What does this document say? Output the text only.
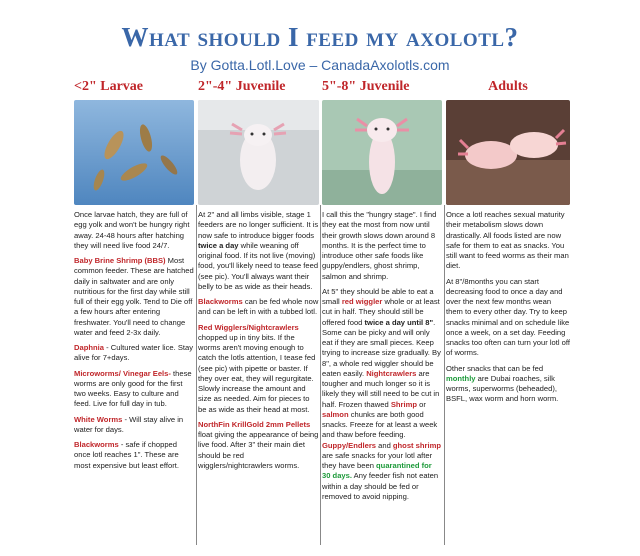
What should I feed my axolotl?
By Gotta.Lotl.Love – CanadaAxolotls.com
<2" Larvae

Once larvae hatch, they are full of egg yolk and won't be hungry right away. 24-48 hours after hatching they will need live food 24/7.

Baby Brine Shrimp (BBS) Most common feeder. These are hatched daily in saltwater and are only nutritious for the first day while still full of their egg yolk. Tend to Die off a few hours after entering freshwater. You'll need to change water and feed 2-3x daily.

Daphnia - Cultured water lice. Stay alive for 7+days.

Microworms/ Vinegar Eels- these worms are only good for the first two weeks. Easy to culture and feed. Live for full day in tub.

White Worms - Will stay alive in water for days.

Blackworms - safe if chopped once lotl reaches 1". These are most expensive but least effort.

2"-4" Juvenile

At 2" and all limbs visible, stage 1 feeders are no longer sufficient. It is now safe to introduce bigger foods twice a day while weaning off original food. If its not live (moving) food, you'll likely need to tease feed (see pic). You'll always want their belly to be as wide as their heads.

Blackworms can be fed whole now and can be left in with a tubbed lotl.

Red Wigglers/Nightcrawlers chopped up in tiny bits. If the worms aren't moving enough to catch the lotls attention, I tease fed (see pic) with pipette or baster. If they over eat, they will regurgitate. Slowly increase the amount and size as needed. Aim for pieces to be as wide as their head at most.

NorthFin KrillGold 2mm Pellets float giving the appearance of being live food. After 3" their main diet should be red wigglers/nightcrawlers worms.

5"-8" Juvenile

I call this the "hungry stage". I find they eat the most from now until their growth slows down around 8 months. It is the perfect time to introduce other safe foods like guppy/endlers, ghost shrimp, salmon and shrimp.

At 5" they should be able to eat a small red wiggler whole or at least cut in half. They should still be offered food twice a day until 8". Some can be picky and will only eat if they are small pieces. Keep trying to increase size gradually. By 8", a whole red wiggler should be eaten easily. Nightcrawlers are tougher and much longer so it is likely they will still need to be cut in half. Frozen thawed Shrimp or salmon chunks are both good snacks. Freeze for at least a week and thaw before feeding. Guppy/Endlers and ghost shrimp are safe snacks for your lotl after they have been quarantined for 30 days. Any feeder fish not eaten within a day should be fed or removed to avoid nipping.

Adults

Once a lotl reaches sexual maturity their metabolism slows down drastically. All foods listed are now safe for them to eat as snacks. You still want to feed worms as their man diet.

At 8"/8months you can start decreasing food to once a day and over the next few months wean them to every other day. Try to keep snacks minimal and on schedule like once a week, on a set day. Feeding snacks too often can turn your lotl off of worms.

Other snacks that can be fed monthly are Dubai roaches, silk worms, superworms (beheaded), BSFL, wax worm and horn worm.
